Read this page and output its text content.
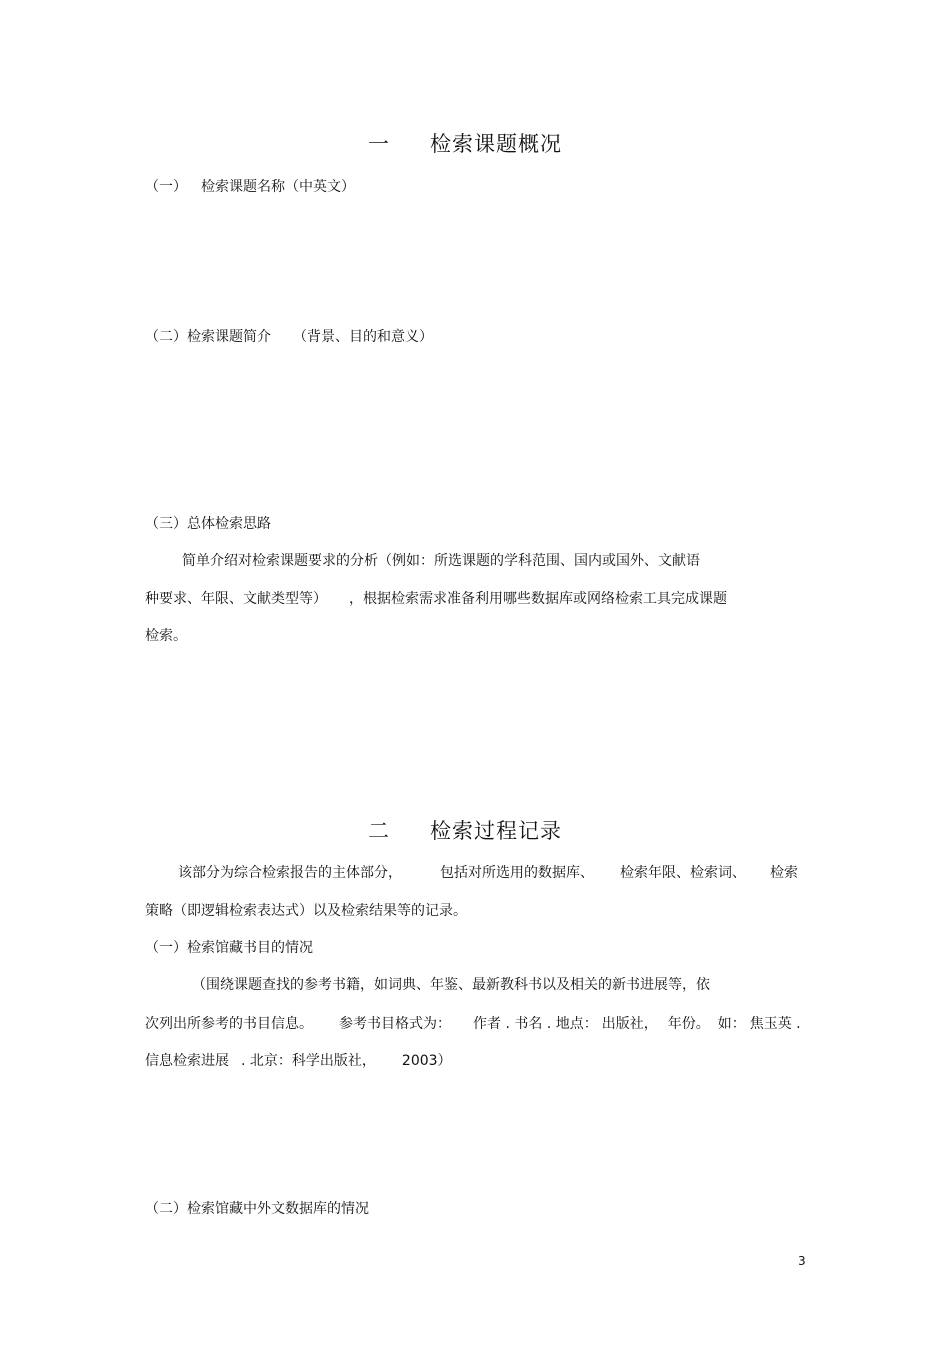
一 检索课题概况
（一） 检索课题名称（中英文）
（二）检索课题简介 （背景、目的和意义）
（三）总体检索思路
简单介绍对检索课题要求的分析（例如：所选课题的学科范围、国内或国外、文献语
种要求、年限、文献类型等） ，根据检索需求准备利用哪些数据库或网络检索工具完成课题
检索。
二 检索过程记录
该部分为综合检索报告的主体部分，	包括对所选用的数据库、 检索年限、检索词、 检索
策略（即逻辑检索表达式）以及检索结果等的记录。
（一）检索馆藏书目的情况
（围绕课题查找的参考书籍，如词典、年鉴、最新教科书以及相关的新书进展等，依
次列出所参考的书目信息。 参考书目格式为： 作者 . 书名 . 地点： 出版社， 年份。 如： 焦玉英 .
信息检索进展 . 北京：科学出版社， 2003）
（二）检索馆藏中外文数据库的情况
3
